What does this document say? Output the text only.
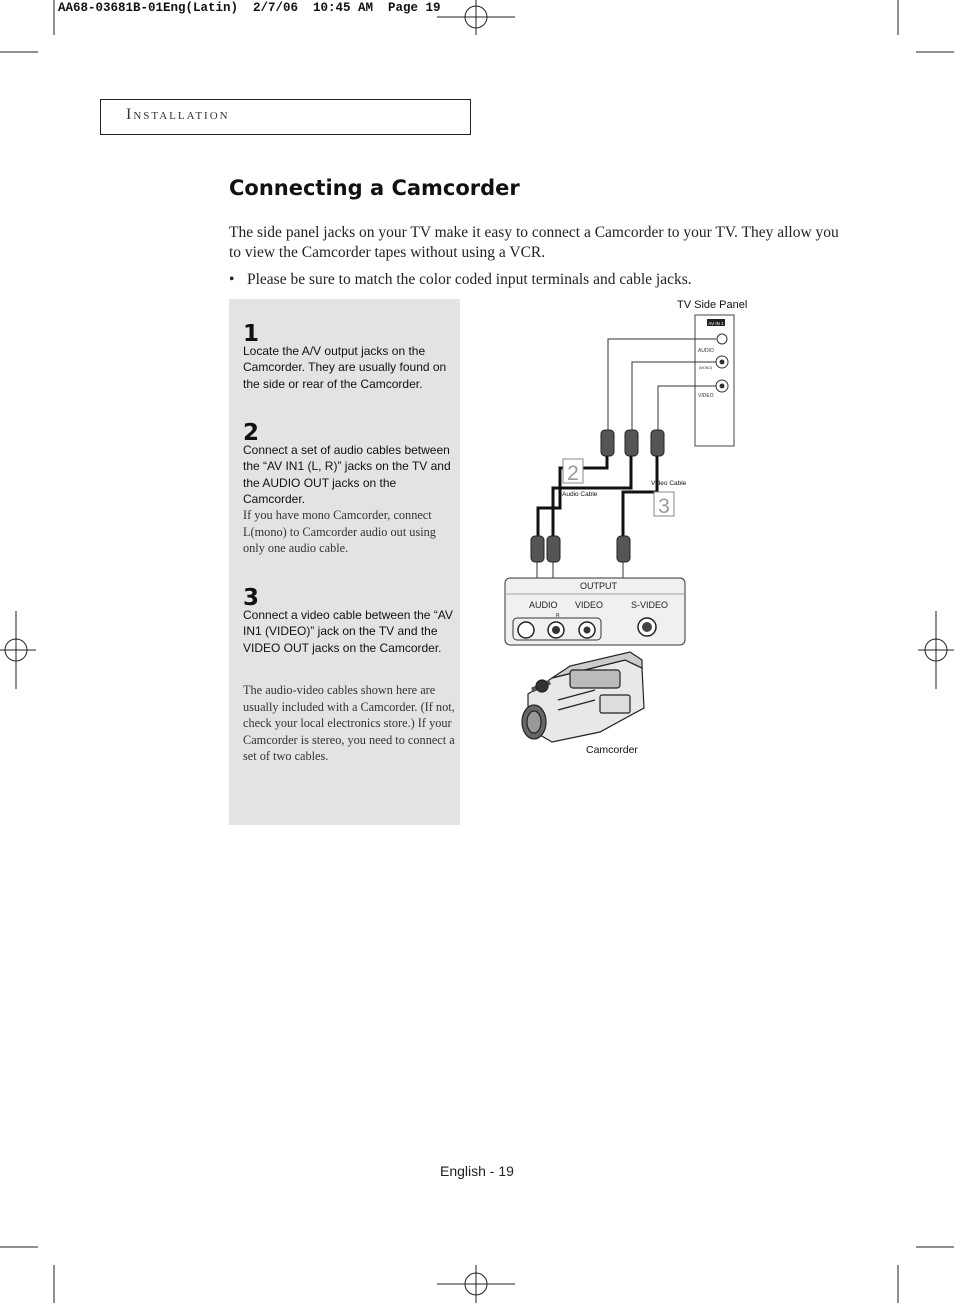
AA68-03681B-01Eng(Latin)  2/7/06  10:45 AM  Page 19
Installation
Connecting a Camcorder

The side panel jacks on your TV make it easy to connect a Camcorder to your TV. They allow you to view the Camcorder tapes without using a VCR.

• Please be sure to match the color coded input terminals and cable jacks.
1
Locate the A/V output jacks on the Camcorder. They are usually found on the side or rear of the Camcorder.
2
Connect a set of audio cables between the “AV IN1 (L, R)” jacks on the TV and the AUDIO OUT jacks on the Camcorder.
If you have mono Camcorder, connect L(mono) to Camcorder audio out using only one audio cable.
3
Connect a video cable between the “AV IN1 (VIDEO)” jack on the TV and the VIDEO OUT jacks on the Camcorder.
The audio-video cables shown here are usually included with a Camcorder. (If not, check your local electronics store.) If your Camcorder is stereo, you need to connect a set of two cables.
TV Side Panel
AV IN 1
(MONO)
AUDIO
VIDEO
2
3
Audio Cable
Video Cable
OUTPUT
AUDIO VIDEO	S-VIDEO
R
Camcorder
English - 19
